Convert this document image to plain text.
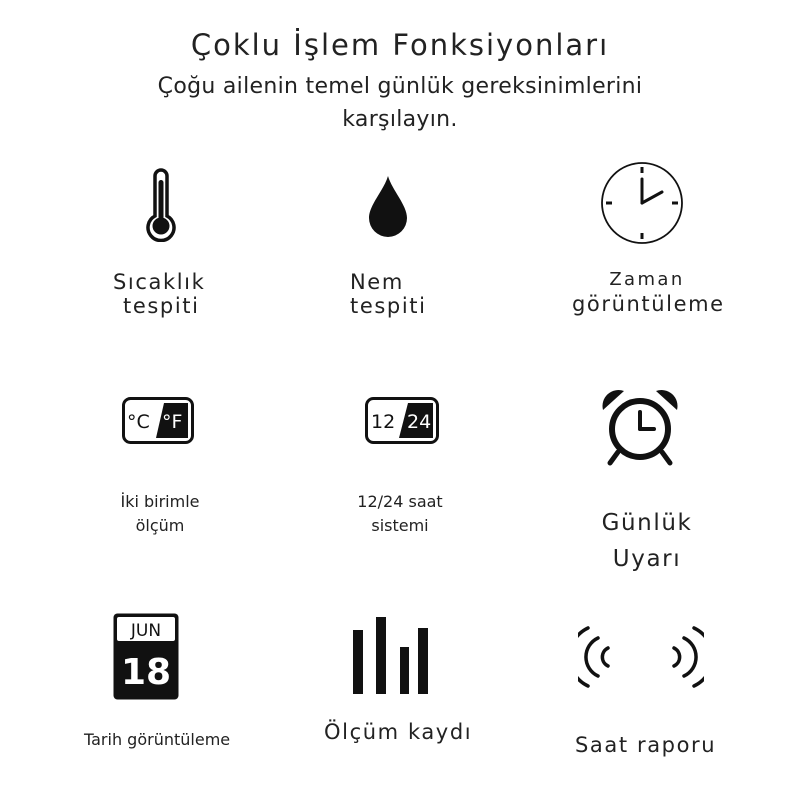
Çoklu İşlem Fonksiyonları
Çoğu ailenin temel günlük gereksinimlerini karşılayın.
Sıcaklık
tespiti
Nem
tespiti
Zaman
görüntüleme
°C °F
İki birimle
ölçüm
12 24
12/24 saat
sistemi	Günlük
Uyarı
JUN
18
Tarih görüntüleme	Ölçüm kaydı
Saat raporu
